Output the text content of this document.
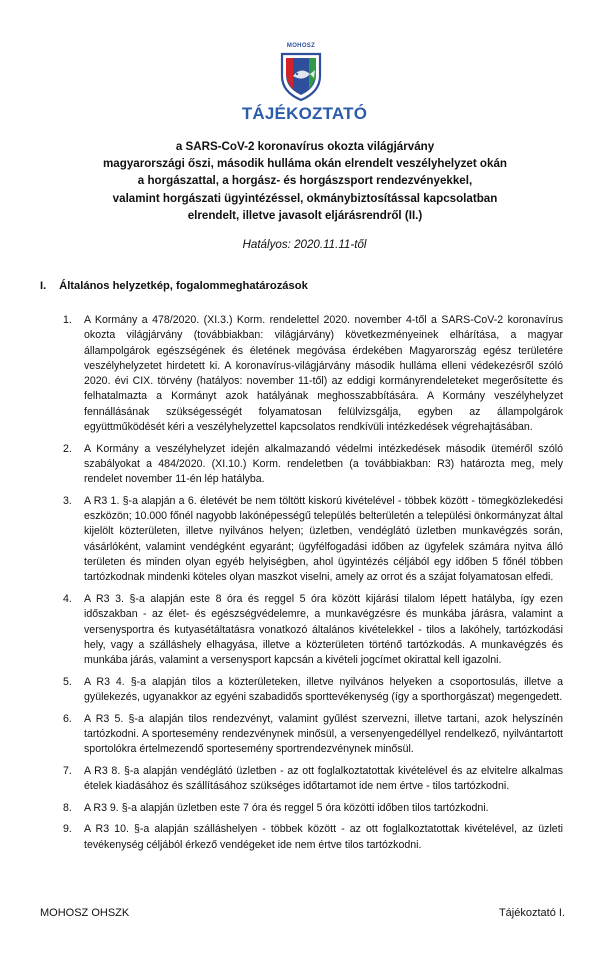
MOHOSZ
TÁJÉKOZTATÓ
a SARS-CoV-2 koronavírus okozta világjárvány
magyarországi őszi, második hulláma okán elrendelt veszélyhelyzet okán
a horgászattal, a horgász- és horgászsport rendezvényekkel,
valamint horgászati ügyintézéssel, okmánybiztosítással kapcsolatban
elrendelt, illetve javasolt eljárásrendről (II.)
Hatályos: 2020.11.11-től
I. Általános helyzetkép, fogalommeghatározások
1. A Kormány a 478/2020. (XI.3.) Korm. rendelettel 2020. november 4-től a SARS-CoV-2 koronavírus okozta világjárvány (továbbiakban: világjárvány) következményeinek elhárítása, a magyar állampolgárok egészségének és életének megóvása érdekében Magyarország egész területére veszélyhelyzetet hirdetett ki. A koronavírus-világjárvány második hulláma elleni védekezésről szóló 2020. évi CIX. törvény (hatályos: november 11-től) az eddigi kormányrendeleteket megerősítette és felhatalmazta a Kormányt azok hatályának meghosszabbítására. A Kormány veszélyhelyzet fennállásának szükségességét folyamatosan felülvizsgálja, egyben az állampolgárok együttműködését kéri a veszélyhelyzettel kapcsolatos rendkívüli intézkedések végrehajtásában.
2. A Kormány a veszélyhelyzet idején alkalmazandó védelmi intézkedések második üteméről szóló szabályokat a 484/2020. (XI.10.) Korm. rendeletben (a továbbiakban: R3) határozta meg, mely rendelet november 11-én lép hatályba.
3. A R3 1. §-a alapján a 6. életévét be nem töltött kiskorú kivételével - többek között - tömegközlekedési eszközön; 10.000 főnél nagyobb lakónépességű település belterületén a települési önkormányzat által kijelölt közterületen, illetve nyilvános helyen; üzletben, vendéglátó üzletben munkavégzés során, vásárlóként, valamint vendégként egyaránt; ügyfélfogadási időben az ügyfelek számára nyitva álló területen és minden olyan egyéb helyiségben, ahol ügyintézés céljából egy időben 5 főnél többen tartózkodnak mindenki köteles olyan maszkot viselni, amely az orrot és a szájat folyamatosan elfedi.
4. A R3 3. §-a alapján este 8 óra és reggel 5 óra között kijárási tilalom lépett hatályba, így ezen időszakban - az élet- és egészségvédelemre, a munkavégzésre és munkába járásra, valamint a versenysportra és kutyasétáltatásra vonatkozó általános kivételekkel - tilos a lakóhely, tartózkodási hely, vagy a szálláshely elhagyása, illetve a közterületen történő tartózkodás. A munkavégzés és munkába járás, valamint a versenysport kapcsán a kivételi jogcímet okirattal kell igazolni.
5. A R3 4. §-a alapján tilos a közterületeken, illetve nyilvános helyeken a csoportosulás, illetve a gyülekezés, ugyanakkor az egyéni szabadidős sporttevékenység (így a sporthorgászat) megengedett.
6. A R3 5. §-a alapján tilos rendezvényt, valamint gyűlést szervezni, illetve tartani, azok helyszínén tartózkodni. A sportesemény rendezvénynek minősül, a versenyengedéllyel rendelkező, nyilvántartott sportolókra értelmezendő sportesemény sportrendezvénynek minősül.
7. A R3 8. §-a alapján vendéglátó üzletben - az ott foglalkoztatottak kivételével és az elvitelre alkalmas ételek kiadásához és szállításához szükséges időtartamot ide nem értve - tilos tartózkodni.
8. A R3 9. §-a alapján üzletben este 7 óra és reggel 5 óra közötti időben tilos tartózkodni.
9. A R3 10. §-a alapján szálláshelyen - többek között - az ott foglalkoztatottak kivételével, az üzleti tevékenység céljából érkező vendégeket ide nem értve tilos tartózkodni.
MOHOSZ OHSZK	Tájékoztató I.
